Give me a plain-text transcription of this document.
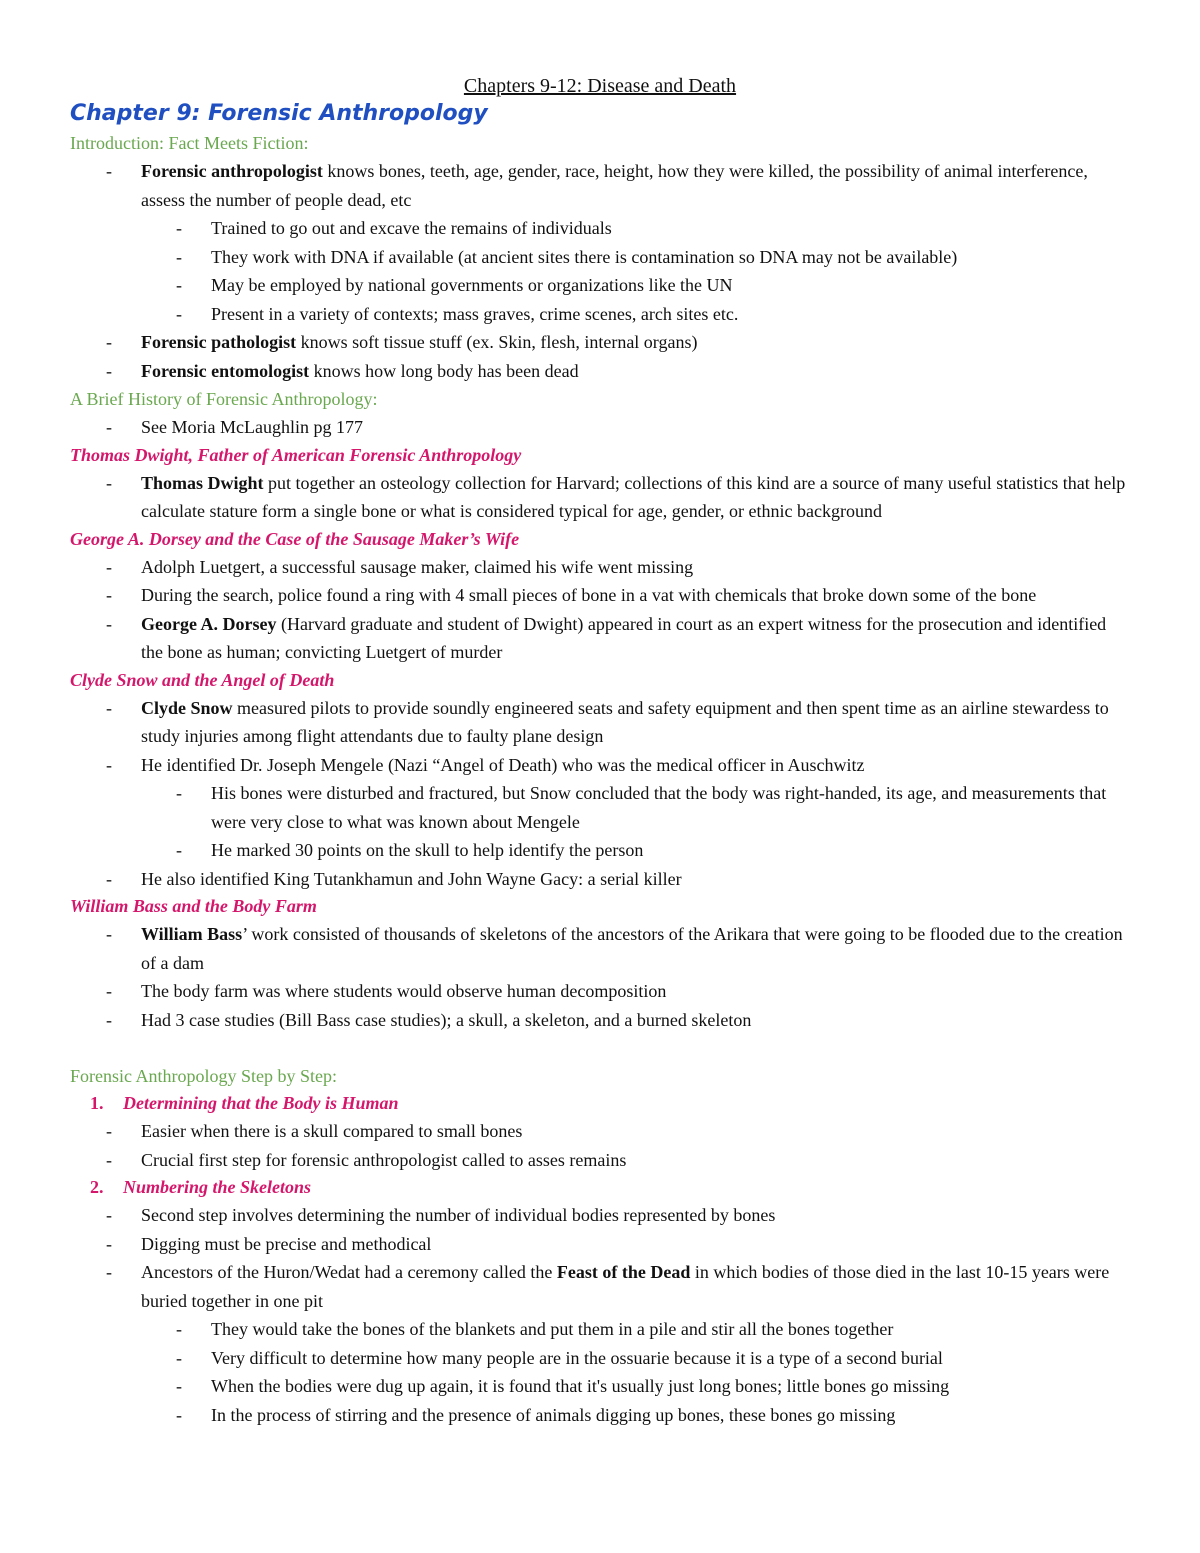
Chapters 9-12: Disease and Death
Chapter 9: Forensic Anthropology
Introduction: Fact Meets Fiction:
- Forensic anthropologist knows bones, teeth, age, gender, race, height, how they were killed, the possibility of animal interference, assess the number of people dead, etc
- Trained to go out and excave the remains of individuals
- They work with DNA if available (at ancient sites there is contamination so DNA may not be available)
- May be employed by national governments or organizations like the UN
- Present in a variety of contexts; mass graves, crime scenes, arch sites etc.
- Forensic pathologist knows soft tissue stuff (ex. Skin, flesh, internal organs)
- Forensic entomologist knows how long body has been dead
A Brief History of Forensic Anthropology:
- See Moria McLaughlin pg 177
Thomas Dwight, Father of American Forensic Anthropology
- Thomas Dwight put together an osteology collection for Harvard; collections of this kind are a source of many useful statistics that help calculate stature form a single bone or what is considered typical for age, gender, or ethnic background
George A. Dorsey and the Case of the Sausage Maker’s Wife
- Adolph Luetgert, a successful sausage maker, claimed his wife went missing
- During the search, police found a ring with 4 small pieces of bone in a vat with chemicals that broke down some of the bone
- George A. Dorsey (Harvard graduate and student of Dwight) appeared in court as an expert witness for the prosecution and identified the bone as human; convicting Luetgert of murder
Clyde Snow and the Angel of Death
- Clyde Snow measured pilots to provide soundly engineered seats and safety equipment and then spent time as an airline stewardess to study injuries among flight attendants due to faulty plane design
- He identified Dr. Joseph Mengele (Nazi “Angel of Death) who was the medical officer in Auschwitz
- His bones were disturbed and fractured, but Snow concluded that the body was right-handed, its age, and measurements that were very close to what was known about Mengele
- He marked 30 points on the skull to help identify the person
- He also identified King Tutankhamun and John Wayne Gacy: a serial killer
William Bass and the Body Farm
- William Bass’ work consisted of thousands of skeletons of the ancestors of the Arikara that were going to be flooded due to the creation of a dam
- The body farm was where students would observe human decomposition
- Had 3 case studies (Bill Bass case studies); a skull, a skeleton, and a burned skeleton
Forensic Anthropology Step by Step:
1. Determining that the Body is Human
- Easier when there is a skull compared to small bones
- Crucial first step for forensic anthropologist called to asses remains
2. Numbering the Skeletons
- Second step involves determining the number of individual bodies represented by bones
- Digging must be precise and methodical
- Ancestors of the Huron/Wedat had a ceremony called the Feast of the Dead in which bodies of those died in the last 10-15 years were buried together in one pit
- They would take the bones of the blankets and put them in a pile and stir all the bones together
- Very difficult to determine how many people are in the ossuarie because it is a type of a second burial
- When the bodies were dug up again, it is found that it's usually just long bones; little bones go missing
- In the process of stirring and the presence of animals digging up bones, these bones go missing
